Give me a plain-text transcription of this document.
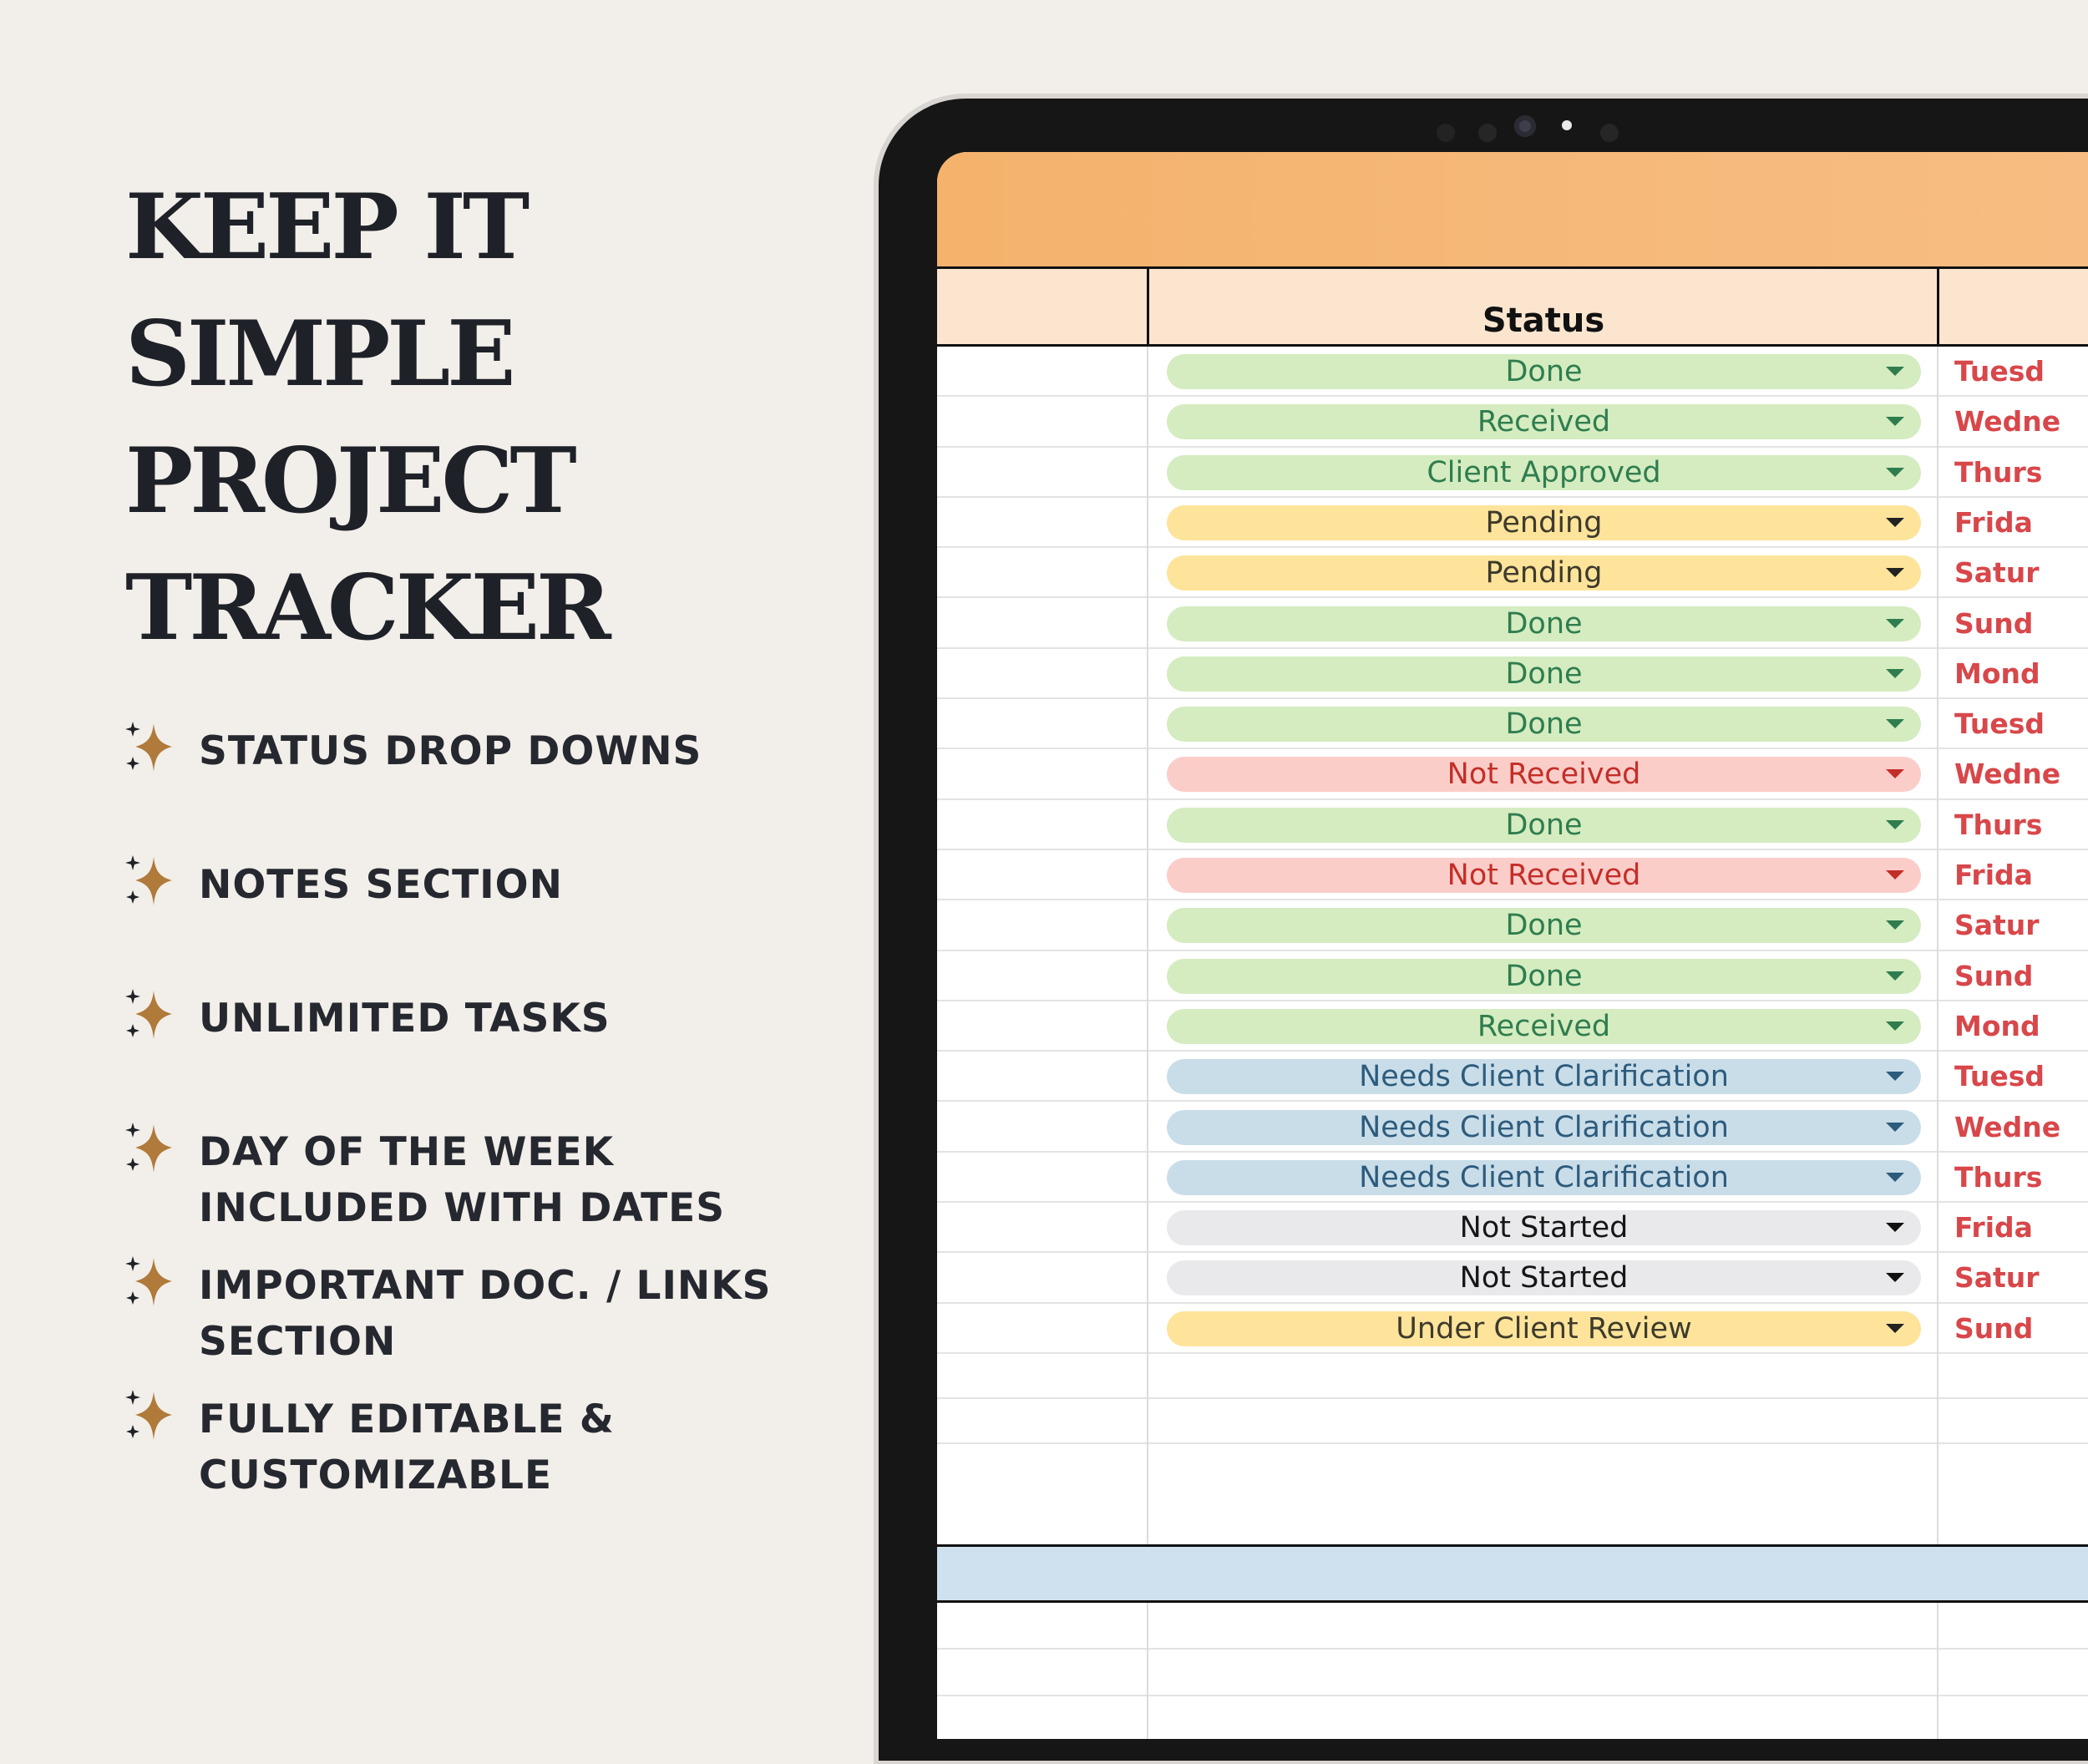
KEEP IT
SIMPLE
PROJECT
TRACKER
STATUS DROP DOWNS
NOTES SECTION
UNLIMITED TASKS
DAY OF THE WEEK
INCLUDED WITH DATES
IMPORTANT DOC. / LINKS
SECTION
FULLY EDITABLE &
CUSTOMIZABLE
Status
Done	Tuesd
Received	Wedne
Client Approved	Thurs
Pending	Frida
Pending	Satur
Done	Sund
Done	Mond
Done	Tuesd
Not Received	Wedne
Done	Thurs
Not Received	Frida
Done	Satur
Done	Sund
Received	Mond
Needs Client Clarification	Tuesd
Needs Client Clarification	Wedne
Needs Client Clarification	Thurs
Not Started	Frida
Not Started	Satur
Under Client Review	Sund
